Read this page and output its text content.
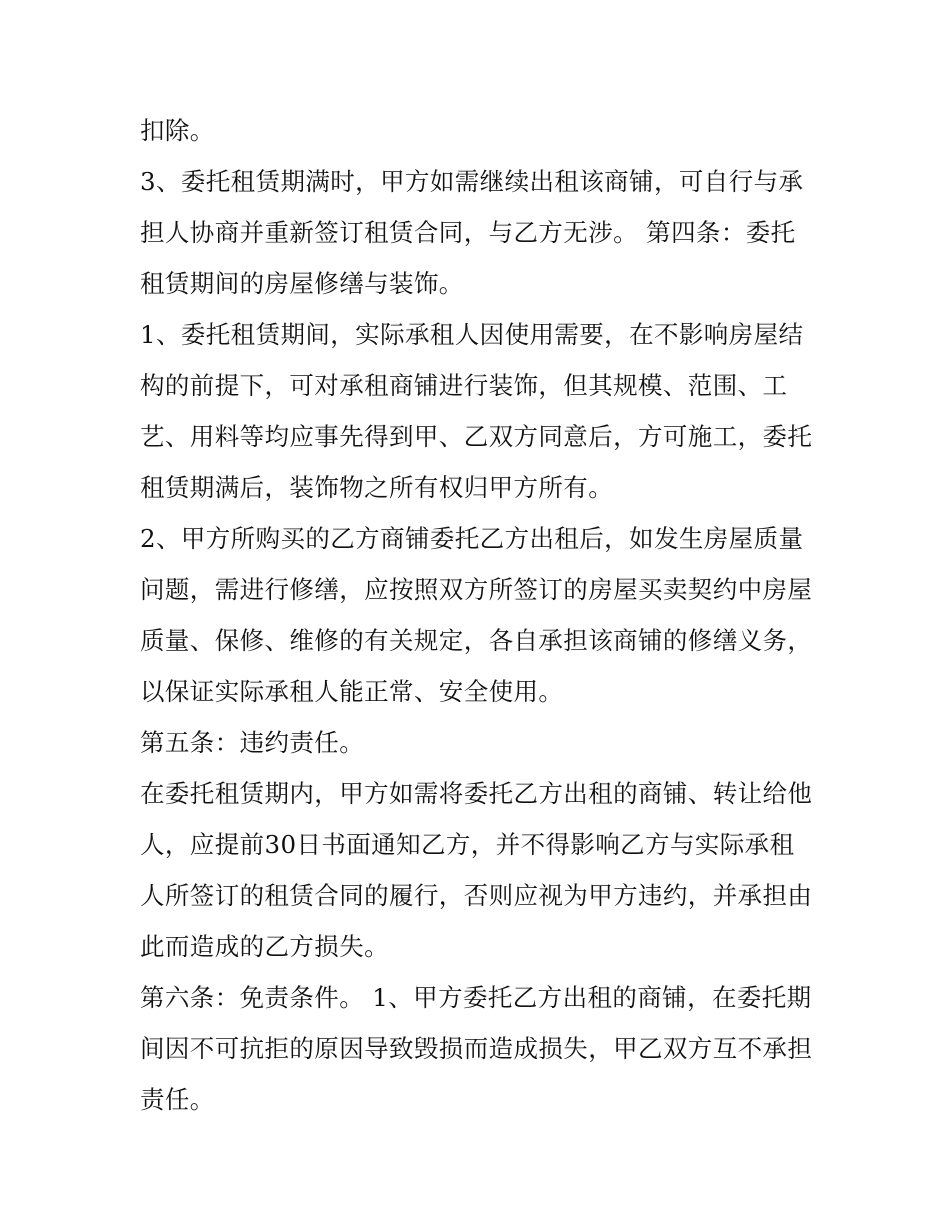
扣除。

3、委托租赁期满时，甲方如需继续出租该商铺，可自行与承
担人协商并重新签订租赁合同，与乙方无涉。 第四条：委托
租赁期间的房屋修缮与装饰。

1、委托租赁期间，实际承租人因使用需要，在不影响房屋结
构的前提下，可对承租商铺进行装饰，但其规模、范围、工
艺、用料等均应事先得到甲、乙双方同意后，方可施工，委托
租赁期满后，装饰物之所有权归甲方所有。

2、甲方所购买的乙方商铺委托乙方出租后，如发生房屋质量
问题，需进行修缮，应按照双方所签订的房屋买卖契约中房屋
质量、保修、维修的有关规定，各自承担该商铺的修缮义务，
以保证实际承租人能正常、安全使用。

第五条：违约责任。

在委托租赁期内，甲方如需将委托乙方出租的商铺、转让给他
人，应提前30日书面通知乙方，并不得影响乙方与实际承租
人所签订的租赁合同的履行，否则应视为甲方违约，并承担由
此而造成的乙方损失。

第六条：免责条件。 1、甲方委托乙方出租的商铺，在委托期
间因不可抗拒的原因导致毁损而造成损失，甲乙双方互不承担
责任。
